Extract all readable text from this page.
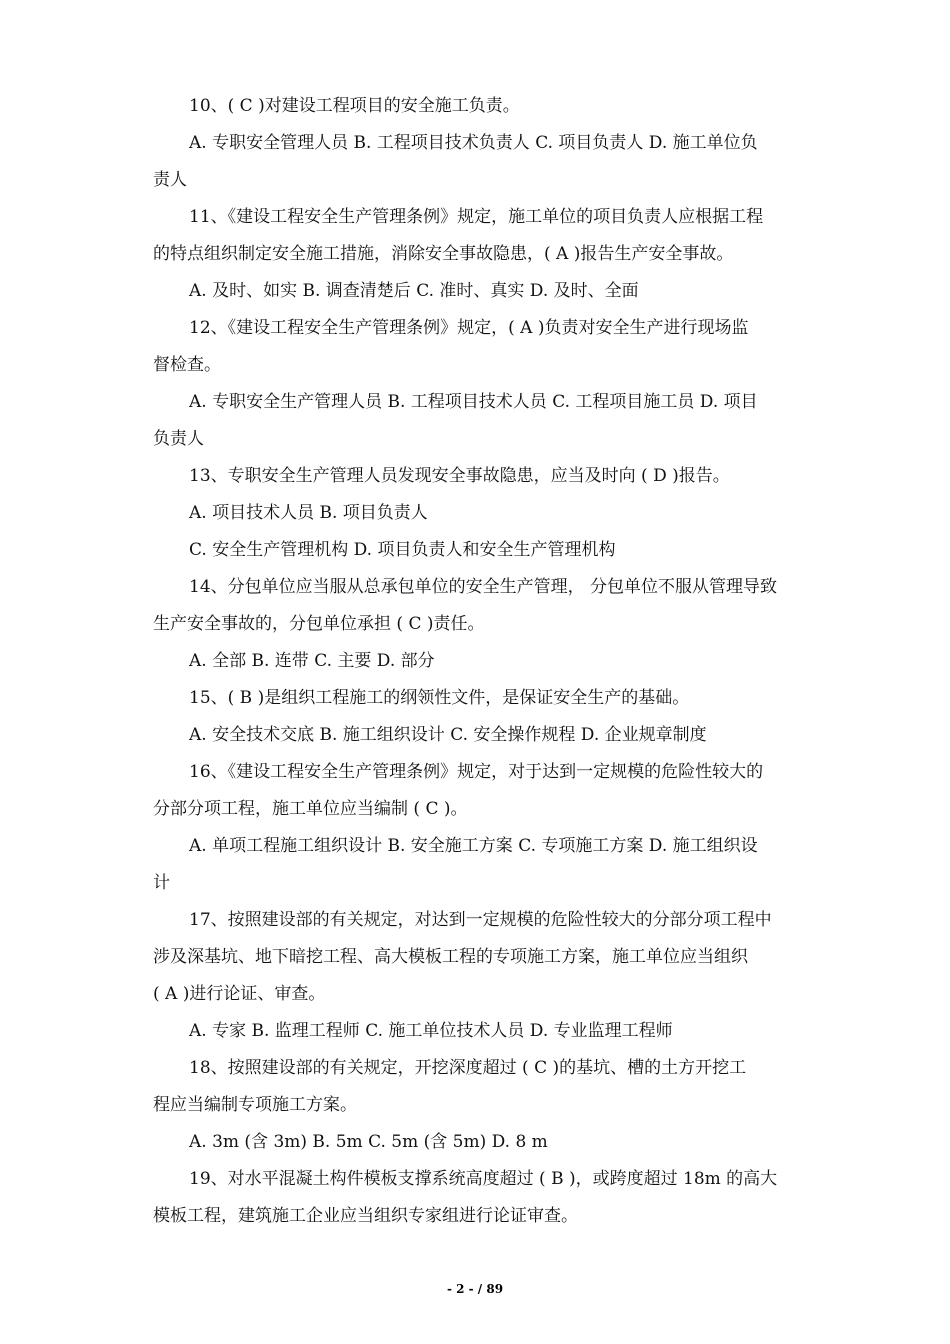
10、( C )对建设工程项目的安全施工负责。
A. 专职安全管理人员 B. 工程项目技术负责人 C. 项目负责人 D. 施工单位负
责人
11、《建设工程安全生产管理条例》规定，施工单位的项目负责人应根据工程
的特点组织制定安全施工措施，消除安全事故隐患，( A )报告生产安全事故。
A. 及时、如实 B. 调查清楚后 C. 准时、真实 D. 及时、全面
12、《建设工程安全生产管理条例》规定，( A )负责对安全生产进行现场监
督检查。
A. 专职安全生产管理人员 B. 工程项目技术人员 C. 工程项目施工员 D. 项目
负责人
13、专职安全生产管理人员发现安全事故隐患，应当及时向 ( D )报告。
A. 项目技术人员 B. 项目负责人
C. 安全生产管理机构 D. 项目负责人和安全生产管理机构
14、分包单位应当服从总承包单位的安全生产管理， 分包单位不服从管理导致
生产安全事故的，分包单位承担 ( C )责任。
A. 全部 B. 连带 C. 主要 D. 部分
15、( B )是组织工程施工的纲领性文件，是保证安全生产的基础。
A. 安全技术交底 B. 施工组织设计 C. 安全操作规程 D. 企业规章制度
16、《建设工程安全生产管理条例》规定，对于达到一定规模的危险性较大的
分部分项工程，施工单位应当编制 ( C )。
A. 单项工程施工组织设计 B. 安全施工方案 C. 专项施工方案 D. 施工组织设
计
17、按照建设部的有关规定，对达到一定规模的危险性较大的分部分项工程中
涉及深基坑、地下暗挖工程、高大模板工程的专项施工方案，施工单位应当组织
( A )进行论证、审查。
A. 专家 B. 监理工程师 C. 施工单位技术人员 D. 专业监理工程师
18、按照建设部的有关规定，开挖深度超过 ( C )的基坑、槽的土方开挖工
程应当编制专项施工方案。
A. 3m (含 3m) B. 5m C. 5m (含 5m) D. 8 m
19、对水平混凝土构件模板支撑系统高度超过 ( B )，或跨度超过 18m 的高大
模板工程，建筑施工企业应当组织专家组进行论证审查。
- 2 - / 89
